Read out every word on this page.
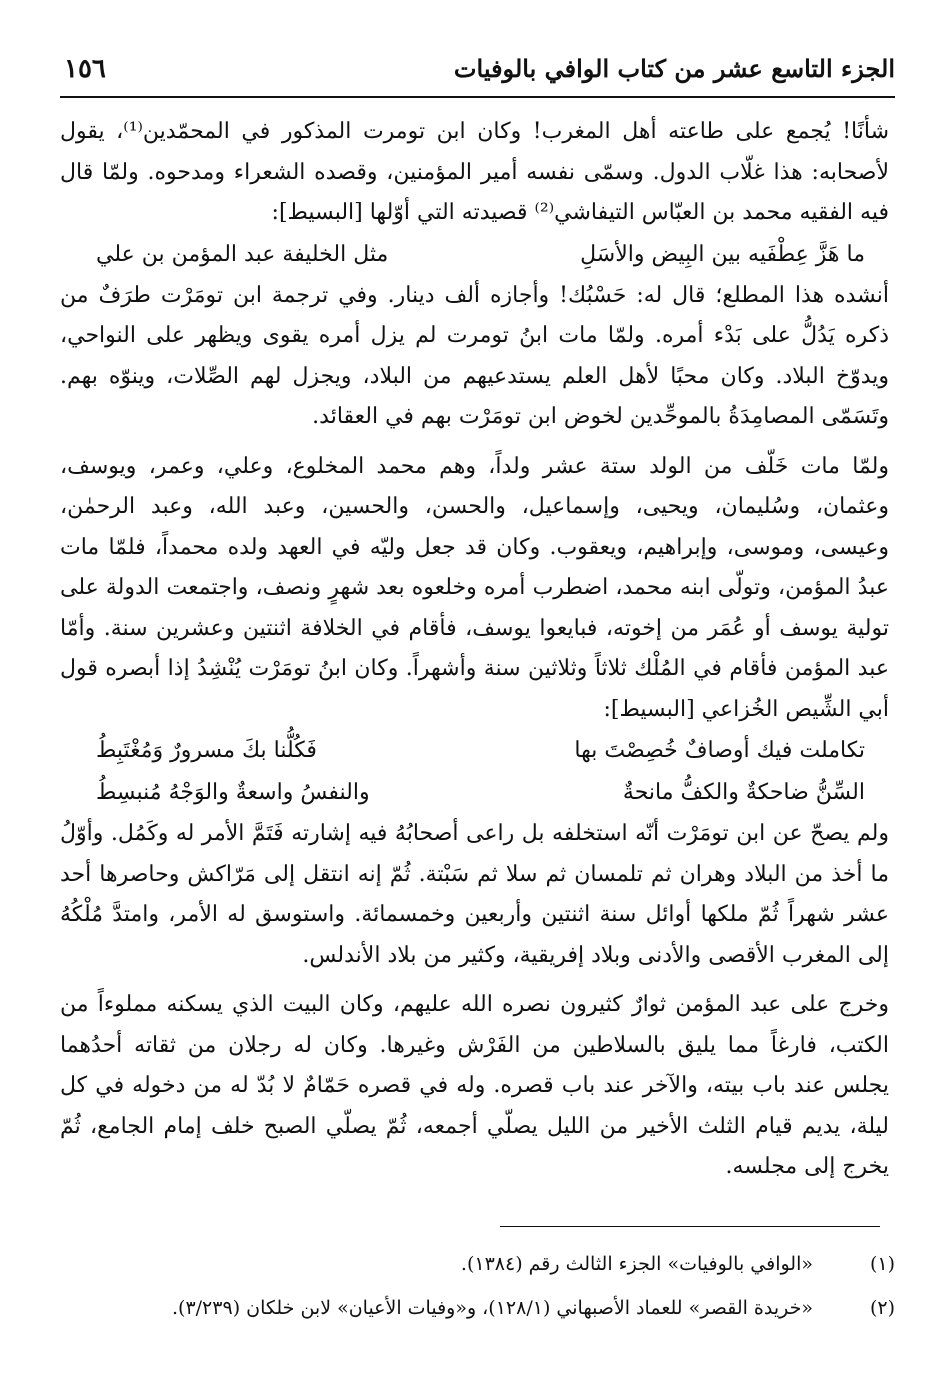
الجزء التاسع عشر من كتاب الوافي بالوفيات
١٥٦

شأنًا! يُجمع على طاعته أهل المغرب! وكان ابن تومرت المذكور في المحمّدين⁽¹⁾، يقول لأصحابه: هذا غلّاب الدول. وسمّى نفسه أمير المؤمنين، وقصده الشعراء ومدحوه. ولمّا قال فيه الفقيه محمد بن العبّاس التيفاشي⁽²⁾ قصيدته التي أوّلها [البسيط]:

ما هَزَّ عِطْفَيه بين البِيض والأسَلِ
مثل الخليفة عبد المؤمن بن علي

أنشده هذا المطلع؛ قال له: حَسْبُك! وأجازه ألف دينار. وفي ترجمة ابن تومَرْت طرَفٌ من ذكره يَدُلُّ على بَدْء أمره. ولمّا مات ابنُ تومرت لم يزل أمره يقوى ويظهر على النواحي، ويدوّخ البلاد. وكان محبًا لأهل العلم يستدعيهم من البلاد، ويجزل لهم الصِّلات، وينوّه بهم. وتَسَمّى المصامِدَةُ بالموحِّدين لخوض ابن تومَرْت بهم في العقائد.

ولمّا مات خَلّف من الولد ستة عشر ولداً، وهم محمد المخلوع، وعلي، وعمر، ويوسف، وعثمان، وسُليمان، ويحيى، وإسماعيل، والحسن، والحسين، وعبد الله، وعبد الرحمٰن، وعيسى، وموسى، وإبراهيم، ويعقوب. وكان قد جعل وليّه في العهد ولده محمداً، فلمّا مات عبدُ المؤمن، وتولّى ابنه محمد، اضطرب أمره وخلعوه بعد شهرٍ ونصف، واجتمعت الدولة على تولية يوسف أو عُمَر من إخوته، فبايعوا يوسف، فأقام في الخلافة اثنتين وعشرين سنة. وأمّا عبد المؤمن فأقام في المُلْك ثلاثاً وثلاثين سنة وأشهراً. وكان ابنُ تومَرْت يُنْشِدُ إذا أبصره قول أبي الشِّيص الخُزاعي [البسيط]:

تكاملت فيك أوصافٌ خُصِصْتَ بها
فَكُلُّنا بكَ مسرورٌ وَمُغْتَبِطُ
السِّنُّ ضاحكةٌ والكفُّ مانحةٌ
والنفسُ واسعةٌ والوَجْهُ مُنبسِطُ

ولم يصحّ عن ابن تومَرْت أنّه استخلفه بل راعى أصحابُهُ فيه إشارته فَتَمَّ الأمر له وكَمُل. وأوّلُ ما أخذ من البلاد وهران ثم تلمسان ثم سلا ثم سَبْتة. ثُمّ إنه انتقل إلى مَرّاكش وحاصرها أحد عشر شهراً ثُمّ ملكها أوائل سنة اثنتين وأربعين وخمسمائة. واستوسق له الأمر، وامتدَّ مُلْكُهُ إلى المغرب الأقصى والأدنى وبلاد إفريقية، وكثير من بلاد الأندلس.

وخرج على عبد المؤمن ثوارٌ كثيرون نصره الله عليهم، وكان البيت الذي يسكنه مملوءاً من الكتب، فارغاً مما يليق بالسلاطين من الفَرْش وغيرها. وكان له رجلان من ثقاته أحدُهما يجلس عند باب بيته، والآخر عند باب قصره. وله في قصره حَمّامٌ لا بُدّ له من دخوله في كل ليلة، يديم قيام الثلث الأخير من الليل يصلّي أجمعه، ثُمّ يصلّي الصبح خلف إمام الجامع، ثُمّ يخرج إلى مجلسه.

(١)
«الوافي بالوفيات» الجزء الثالث رقم (١٣٨٤).
(٢)
«خريدة القصر» للعماد الأصبهاني (١٢٨/١)، و«وفيات الأعيان» لابن خلكان (٣/٢٣٩).
